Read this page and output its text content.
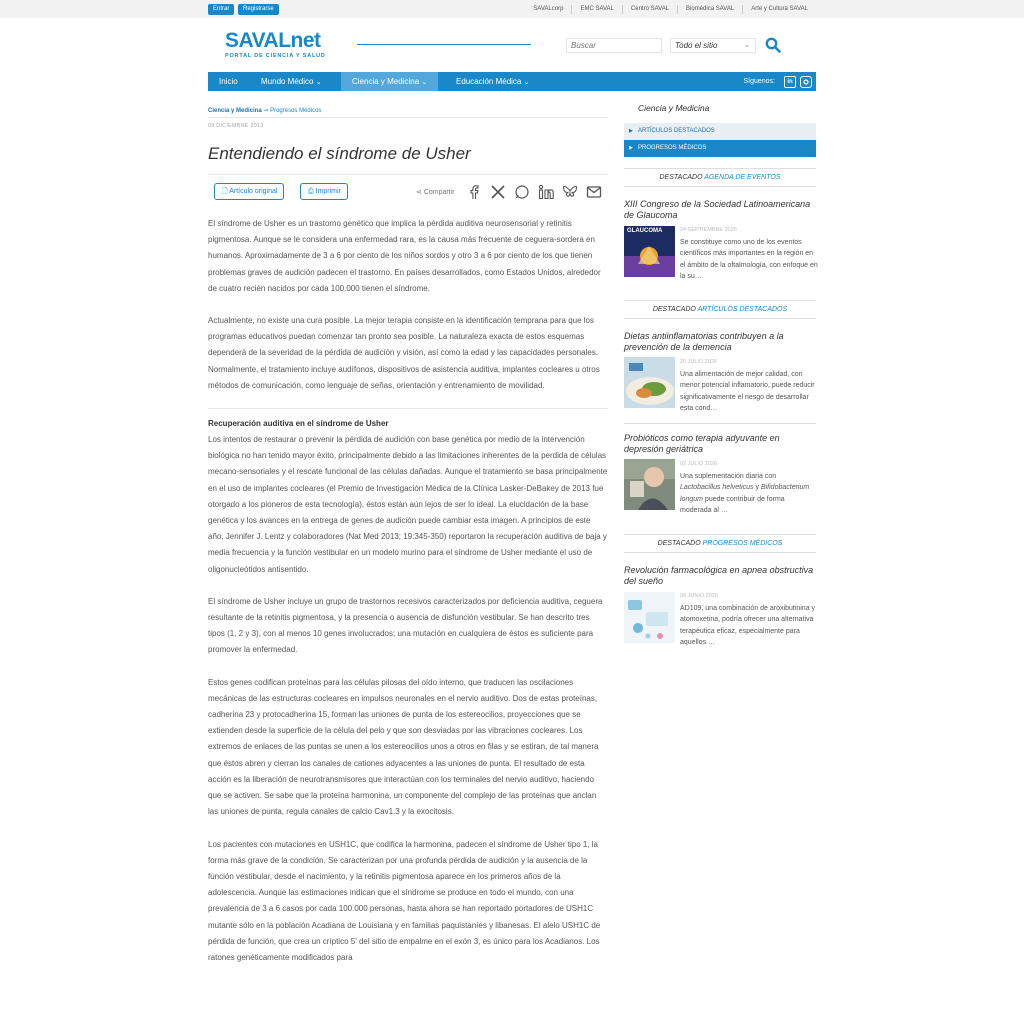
Entrar	Registrarse	SAVALcorp	EMC SAVAL	Centro SAVAL	Biomédica SAVAL	Arte y Cultura SAVAL
SAVALnet
PORTAL DE CIENCIA Y SALUD
Buscar	Todo el sitio	⌄
Inicio	Mundo Médico ⌄	Ciencia y Medicina ⌄	Educación Médica ⌄	Síguenos:	in
Ciencia y Medicina ➞ Progresos Médicos
09 DICIEMBRE 2013
Entendiendo el síndrome de Usher
🗋 Artículo original	⎙ Imprimir	⋖ Compartir

El síndrome de Usher es un trastorno genético que implica la pérdida auditiva neurosensorial y retinitis pigmentosa. Aunque se le considera una enfermedad rara, es la causa más frecuente de ceguera-sordera en humanos. Aproximadamente de 3 a 6 por ciento de los niños sordos y otro 3 a 6 por ciento de los que tienen problemas graves de audición padecen el trastorno. En países desarrollados, como Estados Unidos, alrededor de cuatro recién nacidos por cada 100.000 tienen el síndrome.

Actualmente, no existe una cura posible. La mejor terapia consiste en la identificación temprana para que los programas educativos puedan comenzar tan pronto sea posible. La naturaleza exacta de estos esquemas dependerá de la severidad de la pérdida de audición y visión, así como la edad y las capacidades personales. Normalmente, el tratamiento incluye audífonos, dispositivos de asistencia auditiva, implantes cocleares u otros métodos de comunicación, como lenguaje de señas, orientación y entrenamiento de movilidad.

Recuperación auditiva en el síndrome de Usher

Los intentos de restaurar o prevenir la pérdida de audición con base genética por medio de la intervención biológica no han tenido mayor éxito, principalmente debido a las limitaciones inherentes de la perdida de células mecano-sensoriales y el rescate funcional de las células dañadas. Aunque el tratamiento se basa principalmente en el uso de implantes cocleares (el Premio de Investigación Médica de la Clínica Lasker-DeBakey de 2013 fue otorgado a los pioneros de esta tecnología), éstos están aún lejos de ser lo ideal. La elucidación de la base genética y los avances en la entrega de genes de audición puede cambiar esta imagen. A principios de este año, Jennifer J. Lentz y colaboradores (Nat Med 2013; 19:345-350) reportaron la recuperación auditiva de baja y media frecuencia y la función vestibular en un modelo murino para el síndrome de Usher mediante el uso de oligonucleótidos antisentido.

El síndrome de Usher incluye un grupo de trastornos recesivos caracterizados por deficiencia auditiva, ceguera resultante de la retinitis pigmentosa, y la presencia o ausencia de disfunción vestibular. Se han descrito tres tipos (1, 2 y 3), con al menos 10 genes involucrados; una mutación en cualquiera de éstos es suficiente para promover la enfermedad.

Estos genes codifican proteínas para las células pilosas del oído interno, que traducen las oscilaciones mecánicas de las estructuras cocleares en impulsos neuronales en el nervio auditivo. Dos de estas proteínas, cadherina 23 y protocadherina 15, forman las uniones de punta de los estereocilios, proyecciones que se extienden desde la superficie de la célula del pelo y que son desviadas por las vibraciones cocleares. Los extremos de enlaces de las puntas se unen a los estereocilios unos a otros en filas y se estiran, de tal manera que éstos abren y cierran los canales de cationes adyacentes a las uniones de punta. El resultado de esta acción es la liberación de neurotransmisores que interactúan con los terminales del nervio auditivo, haciendo que se activen. Se sabe que la proteína harmonina, un componente del complejo de las proteínas que anclan las uniones de punta, regula canales de calcio Cav1.3 y la exocitosis.

Los pacientes con mutaciones en USH1C, que codifica la harmonina, padecen el síndrome de Usher tipo 1, la forma más grave de la condición. Se caracterizan por una profunda pérdida de audición y la ausencia de la función vestibular, desde el nacimiento, y la retinitis pigmentosa aparece en los primeros años de la adolescencia. Aunque las estimaciones indican que el síndrome se produce en todo el mundo, con una prevalencia de 3 a 6 casos por cada 100.000 personas, hasta ahora se han reportado portadores de USH1C mutante sólo en la población Acadiana de Louisiana y en familias paquistaníes y libanesas. El alelo USH1C de pérdida de función, que crea un críptico 5' del sitio de empalme en el exón 3, es único para los Acadianos. Los ratones genéticamente modificados para

Ciencia y Medicina
▶ ARTÍCULOS DESTACADOS
▶ PROGRESOS MÉDICOS
DESTACADO AGENDA DE EVENTOS
XIII Congreso de la Sociedad Latinoamericana de Glaucoma
GLAUCOMA	24 SEPTIEMBRE 2026
Se constituye como uno de los eventos científicos más importantes en la región en el ámbito de la oftalmología, con enfoque en la su…
DESTACADO ARTÍCULOS DESTACADOS
Dietas antiinflamatorias contribuyen a la prevención de la demencia
20 JULIO 2026
Una alimentación de mejor calidad, con menor potencial inflamatorio, puede reducir significativamente el riesgo de desarrollar esta cond…
Probióticos como terapia adyuvante en depresión geriátrica
02 JULIO 2026
Una suplementación diaria con Lactobacillus helveticus y Bifidobacterium longum puede contribuir de forma moderada al …
DESTACADO PROGRESOS MÉDICOS
Revolución farmacológica en apnea obstructiva del sueño
08 JUNIO 2026
AD109, una combinación de aroxibutinina y atomoxetina, podría ofrecer una alternativa terapéutica eficaz, especialmente para aquellos …
